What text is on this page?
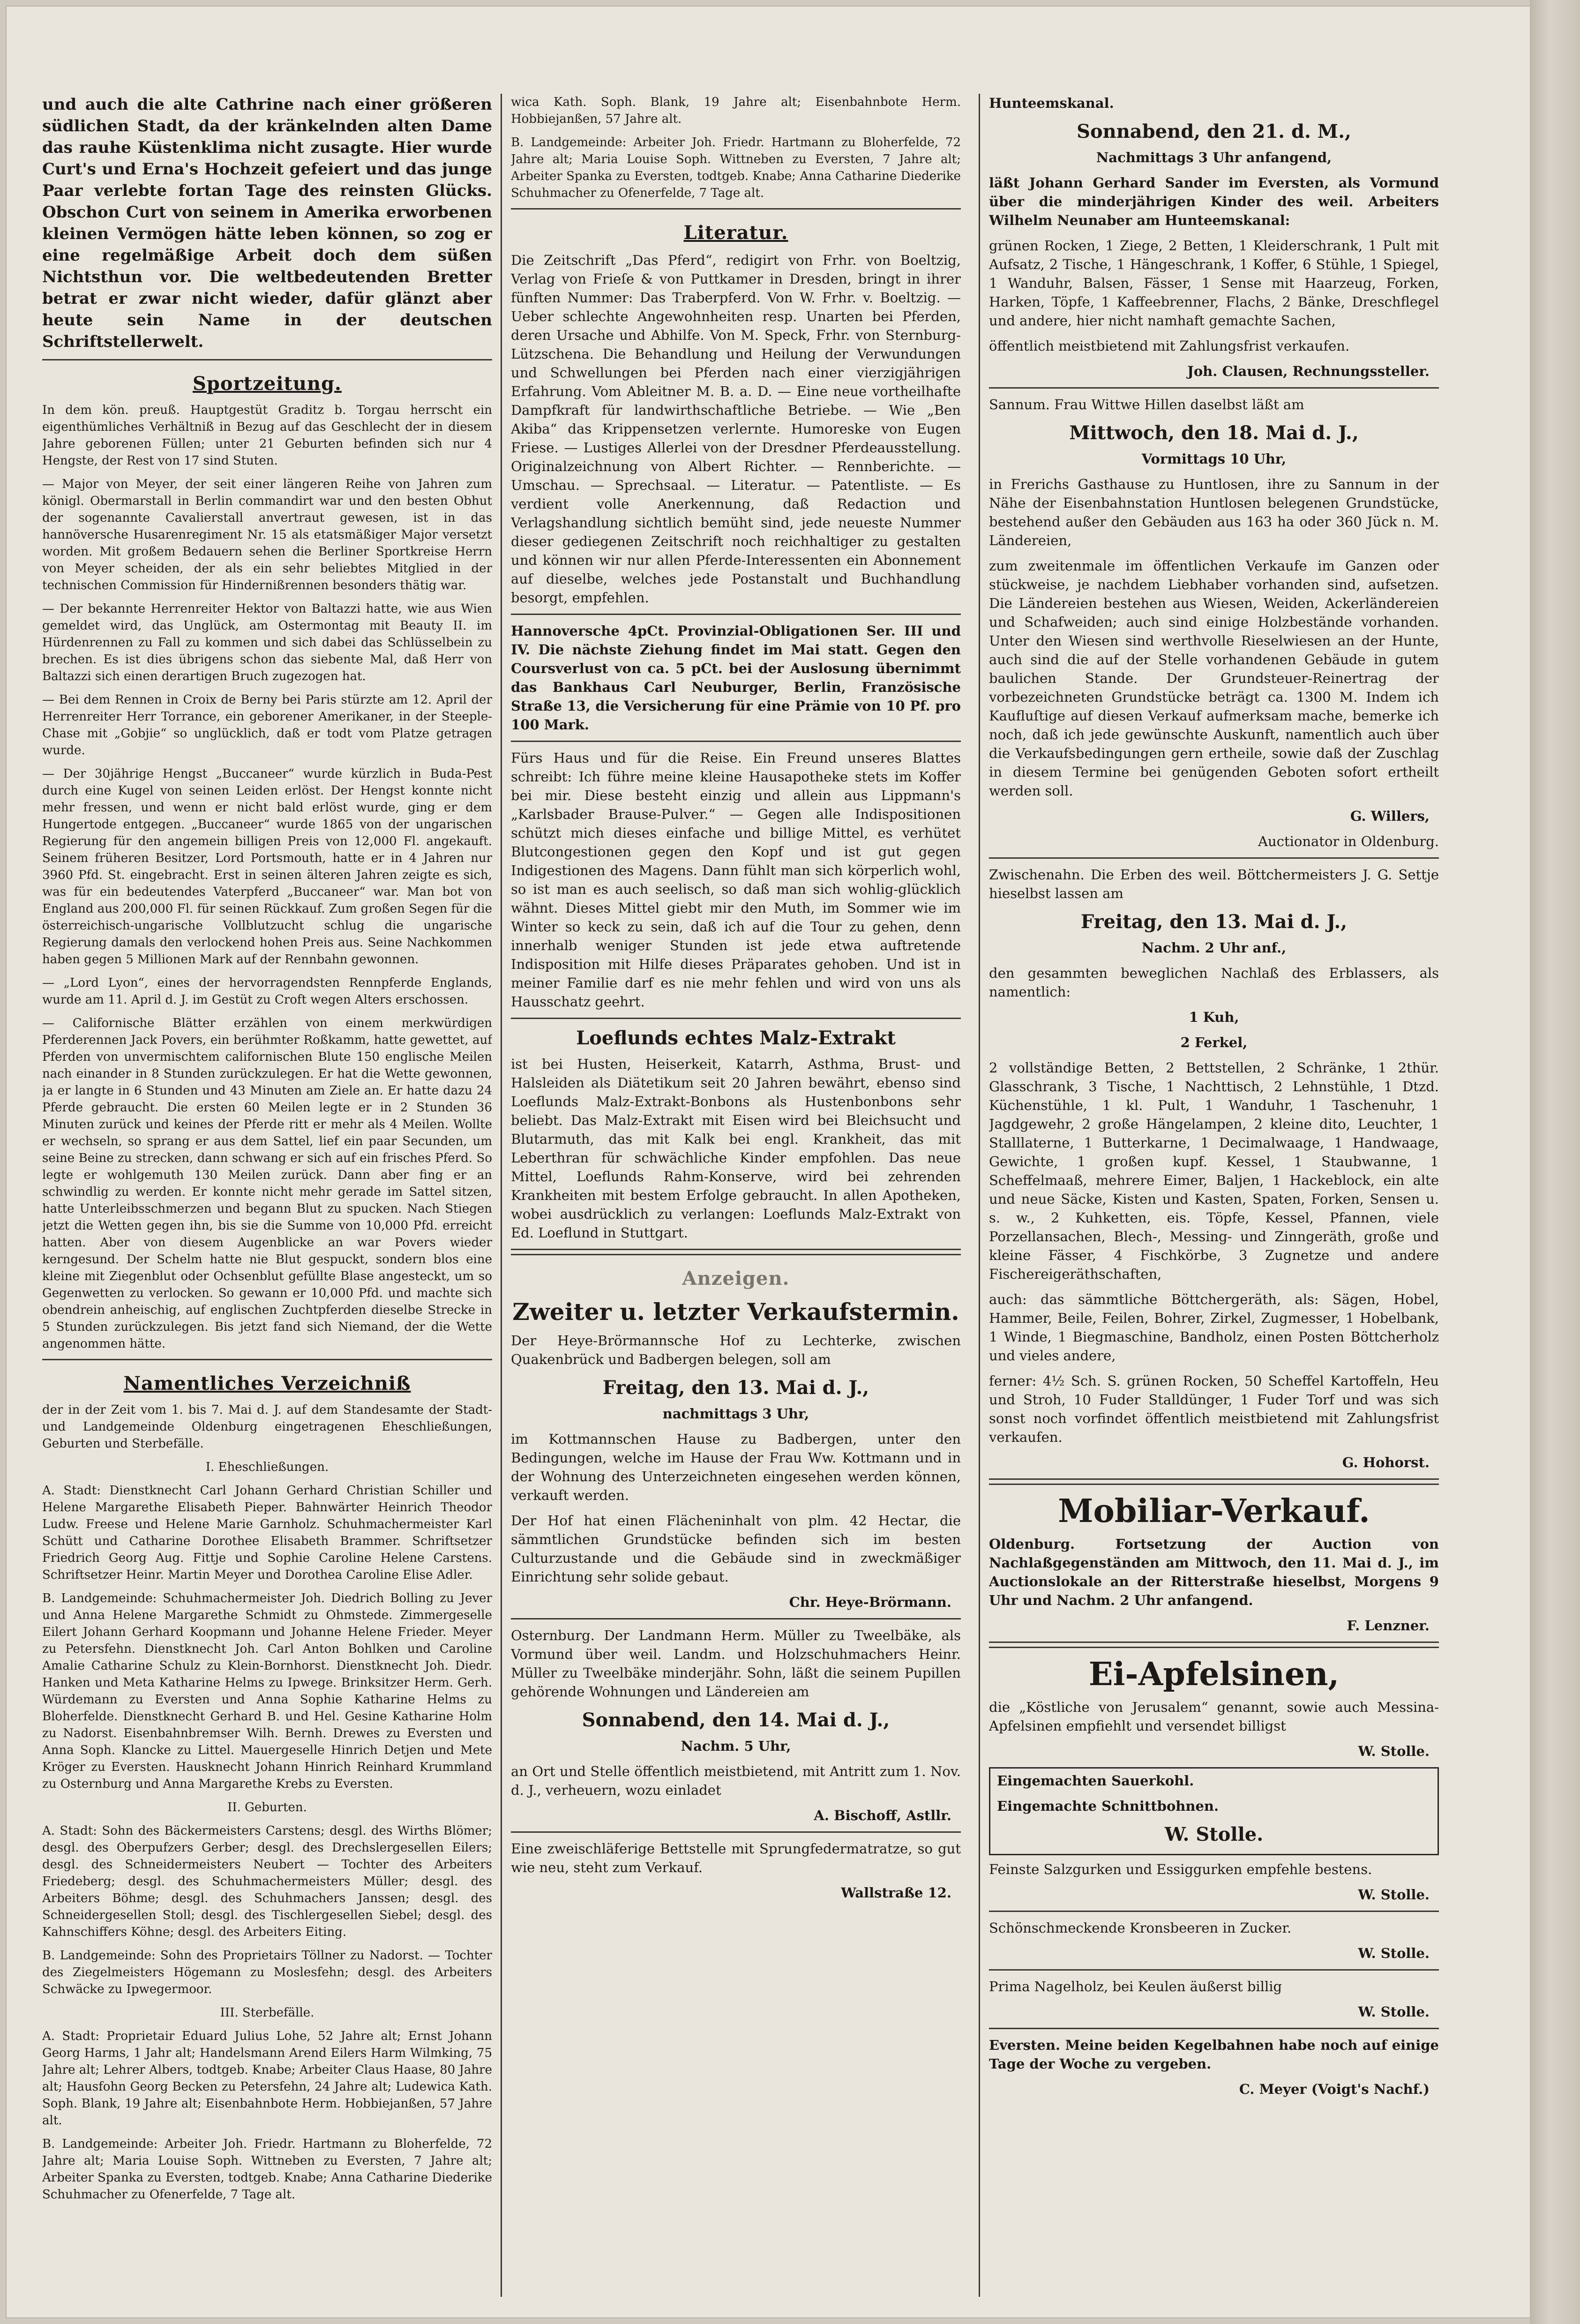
und auch die alte Cathrine nach einer größeren südlichen Stadt, da der kränkelnden alten Dame das rauhe Küstenklima nicht zusagte. Hier wurde Curt's und Erna's Hochzeit gefeiert und das junge Paar verlebte fortan Tage des reinsten Glücks. Obschon Curt von seinem in Amerika erworbenen kleinen Vermögen hätte leben können, so zog er eine regelmäßige Arbeit doch dem süßen Nichtsthun vor. Die weltbedeutenden Bretter betrat er zwar nicht wieder, dafür glänzt aber heute sein Name in der deutschen Schriftstellerwelt.

Sportzeitung.

In dem kön. preuß. Hauptgestüt Graditz b. Torgau herrscht ein eigenthümliches Verhältniß in Bezug auf das Geschlecht der in diesem Jahre geborenen Füllen; unter 21 Geburten befinden sich nur 4 Hengste, der Rest von 17 sind Stuten.

— Major von Meyer, der seit einer längeren Reihe von Jahren zum königl. Obermarstall in Berlin commandirt war und den besten Obhut der sogenannte Cavalierstall anvertraut gewesen, ist in das hannöversche Husarenregiment Nr. 15 als etatsmäßiger Major versetzt worden. Mit großem Bedauern sehen die Berliner Sportkreise Herrn von Meyer scheiden, der als ein sehr beliebtes Mitglied in der technischen Commission für Hindernißrennen besonders thätig war.

— Der bekannte Herrenreiter Hektor von Baltazzi hatte, wie aus Wien gemeldet wird, das Unglück, am Ostermontag mit Beauty II. im Hürdenrennen zu Fall zu kommen und sich dabei das Schlüsselbein zu brechen. Es ist dies übrigens schon das siebente Mal, daß Herr von Baltazzi sich einen derartigen Bruch zugezogen hat.

— Bei dem Rennen in Croix de Berny bei Paris stürzte am 12. April der Herrenreiter Herr Torrance, ein geborener Amerikaner, in der Steeple-Chase mit „Gobjie“ so unglücklich, daß er todt vom Platze getragen wurde.

— Der 30jährige Hengst „Buccaneer“ wurde kürzlich in Buda-Pest durch eine Kugel von seinen Leiden erlöst. Der Hengst konnte nicht mehr fressen, und wenn er nicht bald erlöst wurde, ging er dem Hungertode entgegen. „Buccaneer“ wurde 1865 von der ungarischen Regierung für den angemein billigen Preis von 12,000 Fl. angekauft. Seinem früheren Besitzer, Lord Portsmouth, hatte er in 4 Jahren nur 3960 Pfd. St. eingebracht. Erst in seinen älteren Jahren zeigte es sich, was für ein bedeutendes Vaterpferd „Buccaneer“ war. Man bot von England aus 200,000 Fl. für seinen Rückkauf. Zum großen Segen für die österreichisch-ungarische Vollblutzucht schlug die ungarische Regierung damals den verlockend hohen Preis aus. Seine Nachkommen haben gegen 5 Millionen Mark auf der Rennbahn gewonnen.

— „Lord Lyon“, eines der hervorragendsten Rennpferde Englands, wurde am 11. April d. J. im Gestüt zu Croft wegen Alters erschossen.

— Californische Blätter erzählen von einem merkwürdigen Pferderennen Jack Povers, ein berühmter Roßkamm, hatte gewettet, auf Pferden von unvermischtem californischen Blute 150 englische Meilen nach einander in 8 Stunden zurückzulegen. Er hat die Wette gewonnen, ja er langte in 6 Stunden und 43 Minuten am Ziele an. Er hatte dazu 24 Pferde gebraucht. Die ersten 60 Meilen legte er in 2 Stunden 36 Minuten zurück und keines der Pferde ritt er mehr als 4 Meilen. Wollte er wechseln, so sprang er aus dem Sattel, lief ein paar Secunden, um seine Beine zu strecken, dann schwang er sich auf ein frisches Pferd. So legte er wohlgemuth 130 Meilen zurück. Dann aber fing er an schwindlig zu werden. Er konnte nicht mehr gerade im Sattel sitzen, hatte Unterleibsschmerzen und begann Blut zu spucken. Nach Stiegen jetzt die Wetten gegen ihn, bis sie die Summe von 10,000 Pfd. erreicht hatten. Aber von diesem Augenblicke an war Povers wieder kerngesund. Der Schelm hatte nie Blut gespuckt, sondern blos eine kleine mit Ziegenblut oder Ochsenblut gefüllte Blase angesteckt, um so Gegenwetten zu verlocken. So gewann er 10,000 Pfd. und machte sich obendrein anheischig, auf englischen Zuchtpferden dieselbe Strecke in 5 Stunden zurückzulegen. Bis jetzt fand sich Niemand, der die Wette angenommen hätte.

Namentliches Verzeichniß

der in der Zeit vom 1. bis 7. Mai d. J. auf dem Standesamte der Stadt- und Landgemeinde Oldenburg eingetragenen Eheschließungen, Geburten und Sterbefälle.

I. Eheschließungen.

A. Stadt: Dienstknecht Carl Johann Gerhard Christian Schiller und Helene Margarethe Elisabeth Pieper. Bahnwärter Heinrich Theodor Ludw. Freese und Helene Marie Garnholz. Schuhmachermeister Karl Schütt und Catharine Dorothee Elisabeth Brammer. Schriftsetzer Friedrich Georg Aug. Fittje und Sophie Caroline Helene Carstens. Schriftsetzer Heinr. Martin Meyer und Dorothea Caroline Elise Adler.

B. Landgemeinde: Schuhmachermeister Joh. Diedrich Bolling zu Jever und Anna Helene Margarethe Schmidt zu Ohmstede. Zimmergeselle Eilert Johann Gerhard Koopmann und Johanne Helene Frieder. Meyer zu Petersfehn. Dienstknecht Joh. Carl Anton Bohlken und Caroline Amalie Catharine Schulz zu Klein-Bornhorst. Dienstknecht Joh. Diedr. Hanken und Meta Katharine Helms zu Ipwege. Brinksitzer Herm. Gerh. Würdemann zu Eversten und Anna Sophie Katharine Helms zu Bloherfelde. Dienstknecht Gerhard B. und Hel. Gesine Katharine Holm zu Nadorst. Eisenbahnbremser Wilh. Bernh. Drewes zu Eversten und Anna Soph. Klancke zu Littel. Mauergeselle Hinrich Detjen und Mete Kröger zu Eversten. Hausknecht Johann Hinrich Reinhard Krummland zu Osternburg und Anna Margarethe Krebs zu Eversten.

II. Geburten.

A. Stadt: Sohn des Bäckermeisters Carstens; desgl. des Wirths Blömer; desgl. des Oberpufzers Gerber; desgl. des Drechslergesellen Eilers; desgl. des Schneidermeisters Neubert — Tochter des Arbeiters Friedeberg; desgl. des Schuhmachermeisters Müller; desgl. des Arbeiters Böhme; desgl. des Schuhmachers Janssen; desgl. des Schneidergesellen Stoll; desgl. des Tischlergesellen Siebel; desgl. des Kahnschiffers Köhne; desgl. des Arbeiters Eiting.

B. Landgemeinde: Sohn des Proprietairs Töllner zu Nadorst. — Tochter des Ziegelmeisters Högemann zu Moslesfehn; desgl. des Arbeiters Schwäcke zu Ipwegermoor.

III. Sterbefälle.

A. Stadt: Proprietair Eduard Julius Lohe, 52 Jahre alt; Ernst Johann Georg Harms, 1 Jahr alt; Handelsmann Arend Eilers Harm Wilmking, 75 Jahre alt; Lehrer Albers, todtgeb. Knabe; Arbeiter Claus Haase, 80 Jahre alt; Hausfohn Georg Becken zu Petersfehn, 24 Jahre alt; Ludewica Kath. Soph. Blank, 19 Jahre alt; Eisenbahnbote Herm. Hobbiejanßen, 57 Jahre alt.

B. Landgemeinde: Arbeiter Joh. Friedr. Hartmann zu Bloherfelde, 72 Jahre alt; Maria Louise Soph. Wittneben zu Eversten, 7 Jahre alt; Arbeiter Spanka zu Eversten, todtgeb. Knabe; Anna Catharine Diederike Schuhmacher zu Ofenerfelde, 7 Tage alt.

wica Kath. Soph. Blank, 19 Jahre alt; Eisenbahnbote Herm. Hobbiejanßen, 57 Jahre alt.

B. Landgemeinde: Arbeiter Joh. Friedr. Hartmann zu Bloherfelde, 72 Jahre alt; Maria Louise Soph. Wittneben zu Eversten, 7 Jahre alt; Arbeiter Spanka zu Eversten, todtgeb. Knabe; Anna Catharine Diederike Schuhmacher zu Ofenerfelde, 7 Tage alt.

Literatur.

Die Zeitschrift „Das Pferd“, redigirt von Frhr. von Boeltzig, Verlag von Frieſe & von Puttkamer in Dresden, bringt in ihrer fünften Nummer: Das Traberpferd. Von W. Frhr. v. Boeltzig. — Ueber schlechte Angewohnheiten resp. Unarten bei Pferden, deren Ursache und Abhilfe. Von M. Speck, Frhr. von Sternburg-Lützschena. Die Behandlung und Heilung der Verwundungen und Schwellungen bei Pferden nach einer vierzigjährigen Erfahrung. Vom Ableitner M. B. a. D. — Eine neue vortheilhafte Dampfkraft für landwirthschaftliche Betriebe. — Wie „Ben Akiba“ das Krippensetzen verlernte. Humoreske von Eugen Friese. — Lustiges Allerlei von der Dresdner Pferdeausstellung. Originalzeichnung von Albert Richter. — Rennberichte. — Umschau. — Sprechsaal. — Literatur. — Patentliste. — Es verdient volle Anerkennung, daß Redaction und Verlagshandlung sichtlich bemüht sind, jede neueste Nummer dieser gediegenen Zeitschrift noch reichhaltiger zu gestalten und können wir nur allen Pferde-Interessenten ein Abonnement auf dieselbe, welches jede Postanstalt und Buchhandlung besorgt, empfehlen.

Hannoversche 4pCt. Provinzial-Obligationen Ser. III und IV. Die nächste Ziehung findet im Mai statt. Gegen den Coursverlust von ca. 5 pCt. bei der Auslosung übernimmt das Bankhaus Carl Neuburger, Berlin, Französische Straße 13, die Versicherung für eine Prämie von 10 Pf. pro 100 Mark.

Fürs Haus und für die Reise. Ein Freund unseres Blattes schreibt: Ich führe meine kleine Hausapotheke stets im Koffer bei mir. Diese besteht einzig und allein aus Lippmann's „Karlsbader Brause-Pulver.“ — Gegen alle Indispositionen schützt mich dieses einfache und billige Mittel, es verhütet Blutcongestionen gegen den Kopf und ist gut gegen Indigestionen des Magens. Dann fühlt man sich körperlich wohl, so ist man es auch seelisch, so daß man sich wohlig-glücklich wähnt. Dieses Mittel giebt mir den Muth, im Sommer wie im Winter so keck zu sein, daß ich auf die Tour zu gehen, denn innerhalb weniger Stunden ist jede etwa auftretende Indisposition mit Hilfe dieses Präparates gehoben. Und ist in meiner Familie darf es nie mehr fehlen und wird von uns als Hausschatz geehrt.

Loeflunds echtes Malz-Extrakt

ist bei Husten, Heiserkeit, Katarrh, Asthma, Brust- und Halsleiden als Diätetikum seit 20 Jahren bewährt, ebenso sind Loeflunds Malz-Extrakt-Bonbons als Hustenbonbons sehr beliebt. Das Malz-Extrakt mit Eisen wird bei Bleichsucht und Blutarmuth, das mit Kalk bei engl. Krankheit, das mit Leberthran für schwächliche Kinder empfohlen. Das neue Mittel, Loeflunds Rahm-Konserve, wird bei zehrenden Krankheiten mit bestem Erfolge gebraucht. In allen Apotheken, wobei ausdrücklich zu verlangen: Loeflunds Malz-Extrakt von Ed. Loeflund in Stuttgart.

Anzeigen.
Zweiter u. letzter Verkaufstermin.

Der Heye-Brörmannsche Hof zu Lechterke, zwischen Quakenbrück und Badbergen belegen, soll am

Freitag, den 13. Mai d. J.,

nachmittags 3 Uhr,

im Kottmannschen Hause zu Badbergen, unter den Bedingungen, welche im Hause der Frau Ww. Kottmann und in der Wohnung des Unterzeichneten eingesehen werden können, verkauft werden.

Der Hof hat einen Flächeninhalt von plm. 42 Hectar, die sämmtlichen Grundstücke befinden sich im besten Culturzustande und die Gebäude sind in zweckmäßiger Einrichtung sehr solide gebaut.

Chr. Heye-Brörmann.

Osternburg. Der Landmann Herm. Müller zu Tweelbäke, als Vormund über weil. Landm. und Holzschuhmachers Heinr. Müller zu Tweelbäke minderjähr. Sohn, läßt die seinem Pupillen gehörende Wohnungen und Ländereien am

Sonnabend, den 14. Mai d. J.,

Nachm. 5 Uhr,

an Ort und Stelle öffentlich meistbietend, mit Antritt zum 1. Nov. d. J., verheuern, wozu einladet

A. Bischoff, Astllr.

Eine zweischläferige Bettstelle mit Sprungfedermatratze, so gut wie neu, steht zum Verkauf.

Wallstraße 12.

Hunteemskanal.

Sonnabend, den 21. d. M.,

Nachmittags 3 Uhr anfangend,

läßt Johann Gerhard Sander im Eversten, als Vormund über die minderjährigen Kinder des weil. Arbeiters Wilhelm Neunaber am Hunteemskanal:

grünen Rocken, 1 Ziege, 2 Betten, 1 Kleiderschrank, 1 Pult mit Aufsatz, 2 Tische, 1 Hängeschrank, 1 Koffer, 6 Stühle, 1 Spiegel, 1 Wanduhr, Balsen, Fässer, 1 Sense mit Haarzeug, Forken, Harken, Töpfe, 1 Kaffeebrenner, Flachs, 2 Bänke, Dreschflegel und andere, hier nicht namhaft gemachte Sachen,

öffentlich meistbietend mit Zahlungsfrist verkaufen.

Joh. Clausen, Rechnungssteller.

Sannum. Frau Wittwe Hillen daselbst läßt am

Mittwoch, den 18. Mai d. J.,

Vormittags 10 Uhr,

in Frerichs Gasthause zu Huntlosen, ihre zu Sannum in der Nähe der Eisenbahnstation Huntlosen belegenen Grundstücke, bestehend außer den Gebäuden aus 163 ha oder 360 Jück n. M. Ländereien,

zum zweitenmale im öffentlichen Verkaufe im Ganzen oder stückweise, je nachdem Liebhaber vorhanden sind, aufsetzen. Die Ländereien bestehen aus Wiesen, Weiden, Ackerländereien und Schafweiden; auch sind einige Holzbestände vorhanden. Unter den Wiesen sind werthvolle Rieselwiesen an der Hunte, auch sind die auf der Stelle vorhandenen Gebäude in gutem baulichen Stande. Der Grundsteuer-Reinertrag der vorbezeichneten Grundstücke beträgt ca. 1300 M. Indem ich Kaufluſtige auf diesen Verkauf aufmerksam mache, bemerke ich noch, daß ich jede gewünschte Auskunft, namentlich auch über die Verkaufsbedingungen gern ertheile, sowie daß der Zuschlag in diesem Termine bei genügenden Geboten sofort ertheilt werden soll.

G. Willers,

Auctionator in Oldenburg.

Zwischenahn. Die Erben des weil. Böttchermeisters J. G. Settje hieselbst lassen am

Freitag, den 13. Mai d. J.,

Nachm. 2 Uhr anf.,

den gesammten beweglichen Nachlaß des Erblassers, als namentlich:

1 Kuh,

2 Ferkel,

2 vollständige Betten, 2 Bettstellen, 2 Schränke, 1 2thür. Glasschrank, 3 Tische, 1 Nachttisch, 2 Lehnstühle, 1 Dtzd. Küchenstühle, 1 kl. Pult, 1 Wanduhr, 1 Taschenuhr, 1 Jagdgewehr, 2 große Hängelampen, 2 kleine dito, Leuchter, 1 Stalllaterne, 1 Butterkarne, 1 Decimalwaage, 1 Handwaage, Gewichte, 1 großen kupf. Kessel, 1 Staubwanne, 1 Scheffelmaaß, mehrere Eimer, Baljen, 1 Hackeblock, ein alte und neue Säcke, Kisten und Kasten, Spaten, Forken, Sensen u. s. w., 2 Kuhketten, eis. Töpfe, Kessel, Pfannen, viele Porzellansachen, Blech-, Messing- und Zinngeräth, große und kleine Fässer, 4 Fischkörbe, 3 Zugnetze und andere Fischereigeräthschaften,

auch: das sämmtliche Böttchergeräth, als: Sägen, Hobel, Hammer, Beile, Feilen, Bohrer, Zirkel, Zugmesser, 1 Hobelbank, 1 Winde, 1 Biegmaschine, Bandholz, einen Posten Böttcherholz und vieles andere,

ferner: 4½ Sch. S. grünen Rocken, 50 Scheffel Kartoffeln, Heu und Stroh, 10 Fuder Stalldünger, 1 Fuder Torf und was sich sonst noch vorfindet öffentlich meistbietend mit Zahlungsfrist verkaufen.

G. Hohorst.

Mobiliar-Verkauf.

Oldenburg. Fortsetzung der Auction von Nachlaßgegenständen am Mittwoch, den 11. Mai d. J., im Auctionslokale an der Ritterstraße hieselbst, Morgens 9 Uhr und Nachm. 2 Uhr anfangend.

F. Lenzner.

Ei-Apfelsinen,

die „Köstliche von Jerusalem“ genannt, sowie auch Messina-Apfelsinen empfiehlt und versendet billigst

W. Stolle.

Eingemachten Sauerkohl.

Eingemachte Schnittbohnen.

W. Stolle.

Feinste Salzgurken und Essiggurken empfehle bestens.

W. Stolle.

Schönschmeckende Kronsbeeren in Zucker.

W. Stolle.

Prima Nagelholz, bei Keulen äußerst billig

W. Stolle.

Eversten. Meine beiden Kegelbahnen habe noch auf einige Tage der Woche zu vergeben.

C. Meyer (Voigt's Nachf.)
